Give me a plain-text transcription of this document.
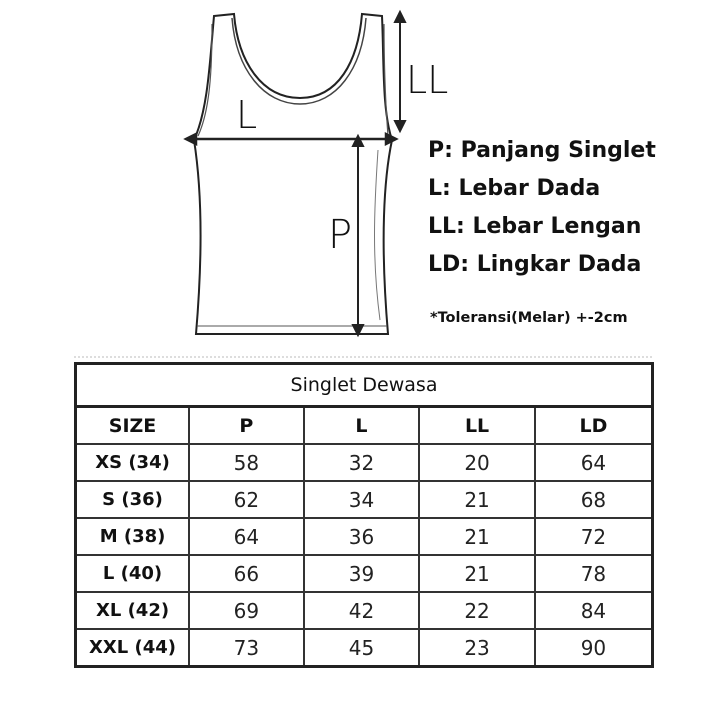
L
LL
P
P: Panjang Singlet
L: Lebar Dada
LL: Lebar Lengan
LD: Lingkar Dada
*Toleransi(Melar) +-2cm
Singlet Dewasa				
SIZE	P	L	LL	LD
XS (34)	58	32	20	64
S (36)	62	34	21	68
M (38)	64	36	21	72
L (40)	66	39	21	78
XL (42)	69	42	22	84
XXL (44)	73	45	23	90
